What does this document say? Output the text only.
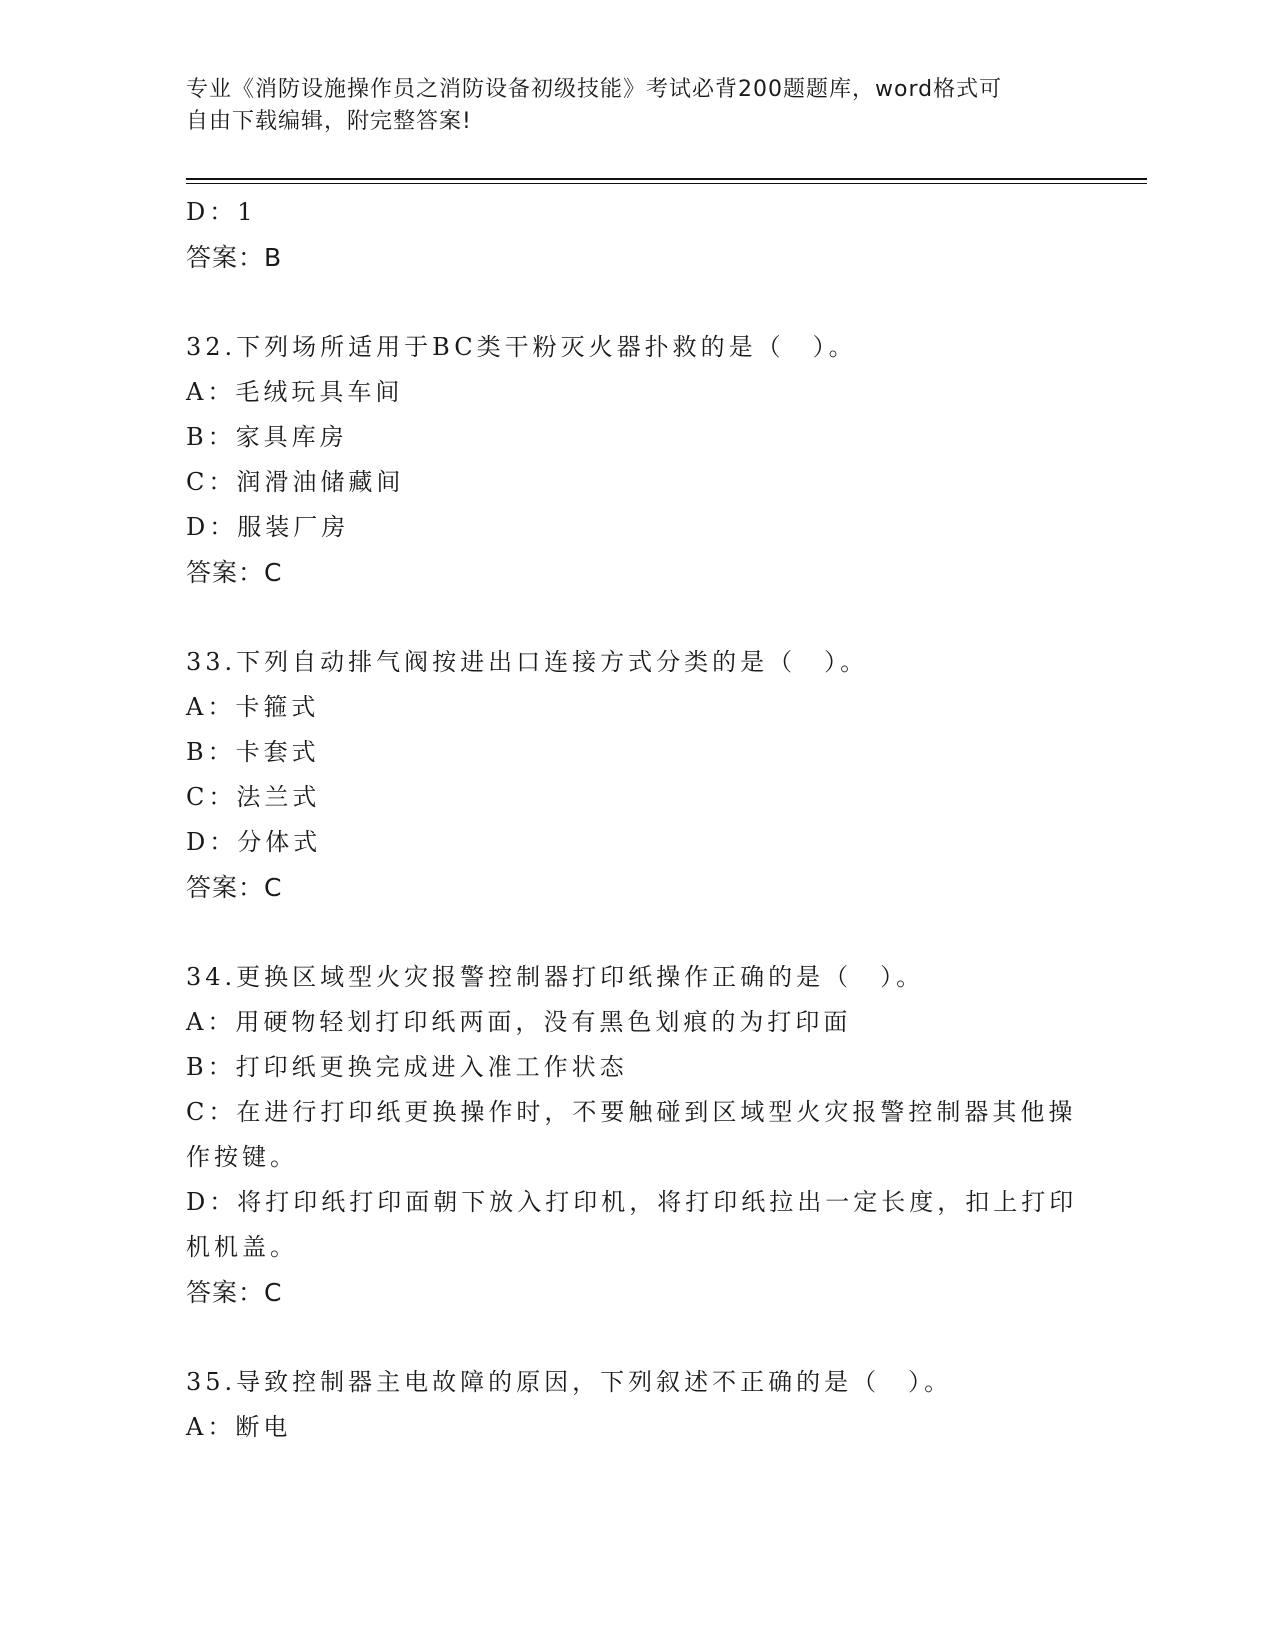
专业《消防设施操作员之消防设备初级技能》考试必背200题题库，word格式可
自由下载编辑，附完整答案!
D：1
答案：B
32.下列场所适用于BC类干粉灭火器扑救的是（　）。
A：毛绒玩具车间
B：家具库房
C：润滑油储藏间
D：服装厂房
答案：C
33.下列自动排气阀按进出口连接方式分类的是（　）。
A：卡箍式
B：卡套式
C：法兰式
D：分体式
答案：C
34.更换区域型火灾报警控制器打印纸操作正确的是（　）。
A：用硬物轻划打印纸两面，没有黑色划痕的为打印面
B：打印纸更换完成进入准工作状态
C：在进行打印纸更换操作时，不要触碰到区域型火灾报警控制器其他操作按键。
D：将打印纸打印面朝下放入打印机，将打印纸拉出一定长度，扣上打印机机盖。
答案：C
35.导致控制器主电故障的原因，下列叙述不正确的是（　）。
A：断电
